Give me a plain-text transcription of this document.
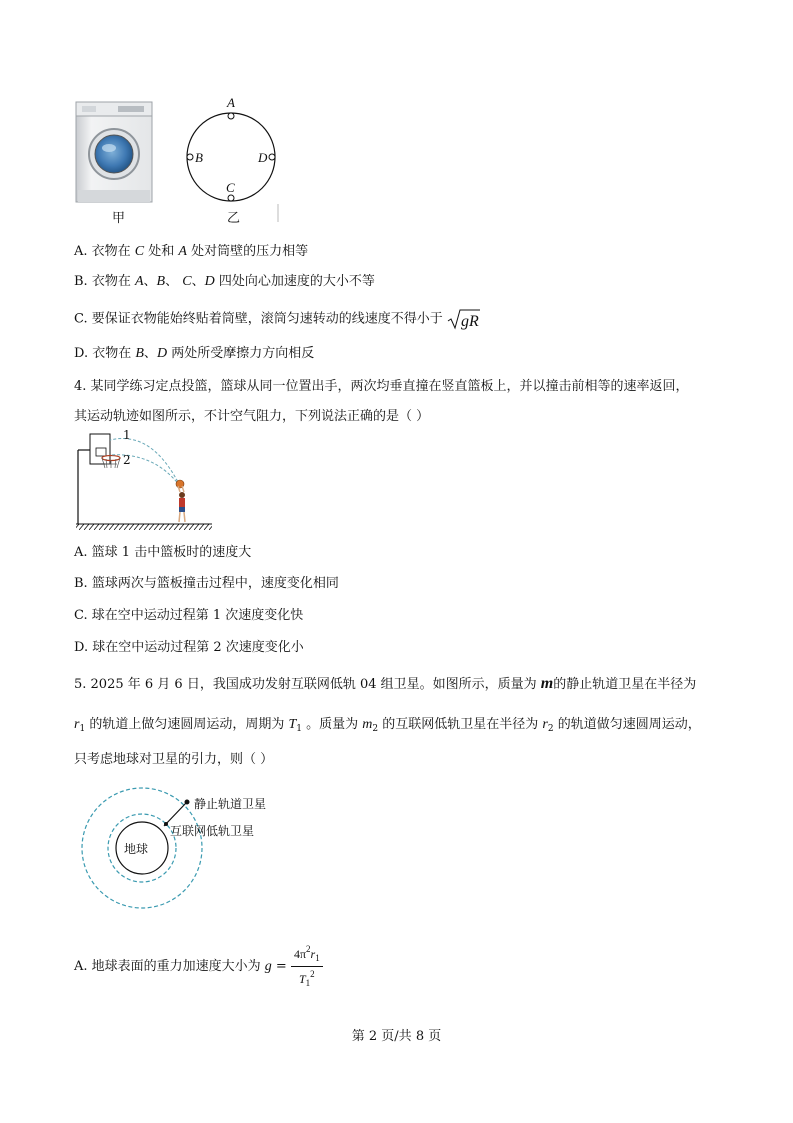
甲
A
B
C
D
乙
A. 衣物在 C 处和 A 处对筒壁的压力相等
B. 衣物在 A、B、 C、D 四处向心加速度的大小不等
C. 要保证衣物能始终贴着筒壁，滚筒匀速转动的线速度不得小于 gR
D. 衣物在 B、D 两处所受摩擦力方向相反
4. 某同学练习定点投篮，篮球从同一位置出手，两次均垂直撞在竖直篮板上，并以撞击前相等的速率返回，
其运动轨迹如图所示，不计空气阻力，下列说法正确的是（ ）
1
2
A. 篮球 1 击中篮板时的速度大
B. 篮球两次与篮板撞击过程中，速度变化相同
C. 球在空中运动过程第 1 次速度变化快
D. 球在空中运动过程第 2 次速度变化小
5. 2025 年 6 月 6 日，我国成功发射互联网低轨 04 组卫星。如图所示，质量为 m的静止轨道卫星在半径为
$r_1$ 的轨道上做匀速圆周运动，周期为 $T_1$ 。质量为 $m_2$ 的互联网低轨卫星在半径为 $r_2$ 的轨道做匀速圆周运动，
只考虑地球对卫星的引力，则（ ）
静止轨道卫星
互联网低轨卫星
地球
A. 地球表面的重力加速度大小为 $g = \frac{4\pi^2r_1}{T_1^2}$
第 2 页/共 8 页
